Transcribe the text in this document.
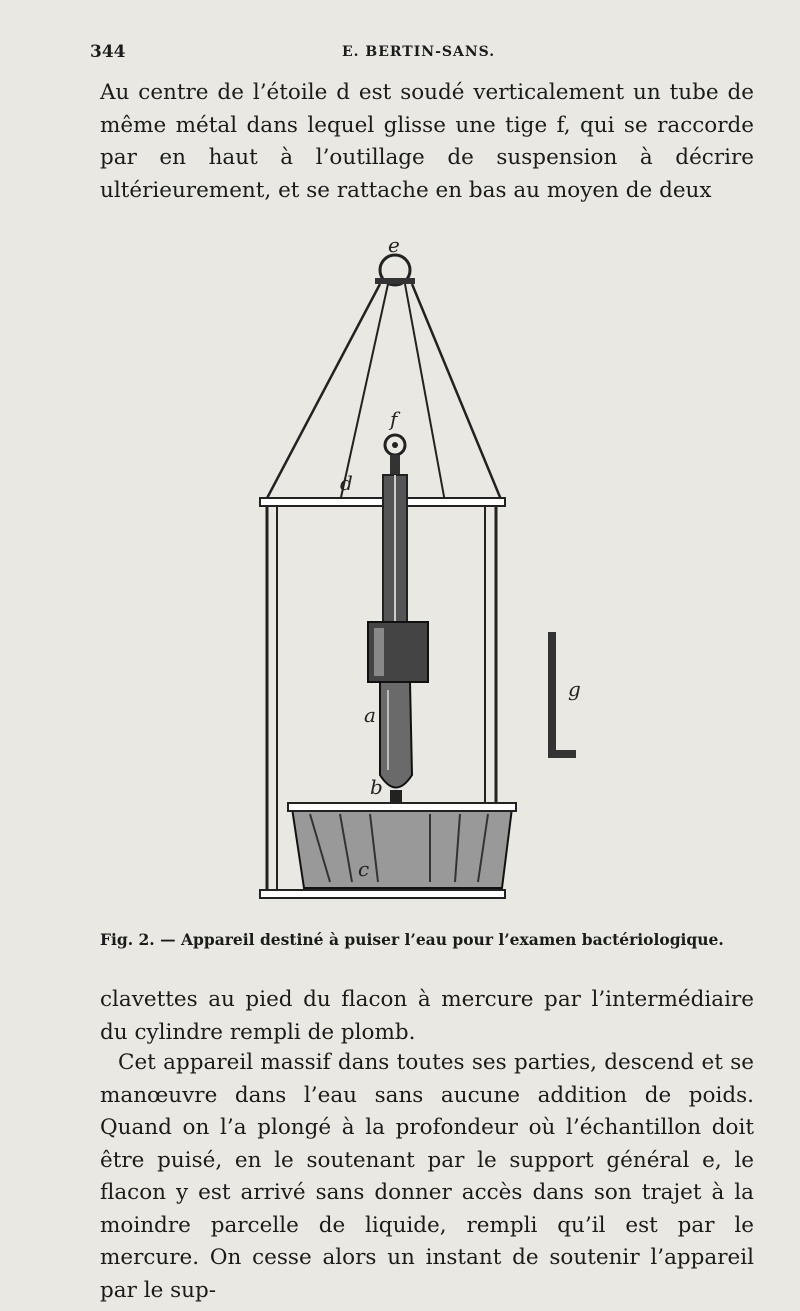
344	E. BERTIN-SANS.
Au centre de l’étoile d est soudé verticalement un tube de même métal dans lequel glisse une tige f, qui se raccorde par en haut à l’outillage de suspension à décrire ultérieurement, et se rattache en bas au moyen de deux
e
f
d
a
b
c
g
Fig. 2. — Appareil destiné à puiser l’eau pour l’examen bactériologique.
clavettes au pied du flacon à mercure par l’intermédiaire du cylindre rempli de plomb.
Cet appareil massif dans toutes ses parties, descend et se manœuvre dans l’eau sans aucune addition de poids. Quand on l’a plongé à la profondeur où l’échantillon doit être puisé, en le soutenant par le support général e, le flacon y est arrivé sans donner accès dans son trajet à la moindre parcelle de liquide, rempli qu’il est par le mercure. On cesse alors un instant de soutenir l’appareil par le sup-
